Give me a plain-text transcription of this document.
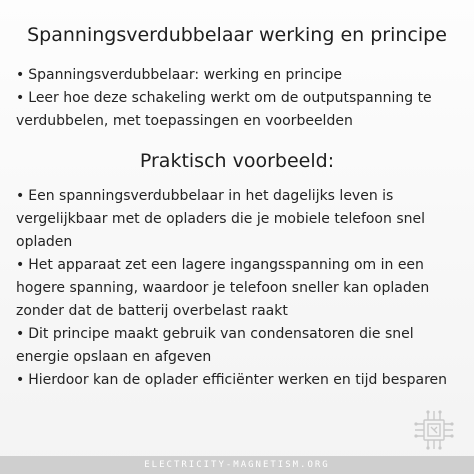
Spanningsverdubbelaar werking en principe
• Spanningsverdubbelaar: werking en principe
• Leer hoe deze schakeling werkt om de outputspanning te verdubbelen, met toepassingen en voorbeelden
Praktisch voorbeeld:
• Een spanningsverdubbelaar in het dagelijks leven is vergelijkbaar met de opladers die je mobiele telefoon snel opladen
• Het apparaat zet een lagere ingangsspanning om in een hogere spanning, waardoor je telefoon sneller kan opladen zonder dat de batterij overbelast raakt
• Dit principe maakt gebruik van condensatoren die snel energie opslaan en afgeven
• Hierdoor kan de oplader efficiënter werken en tijd besparen
ELECTRICITY-MAGNETISM.ORG
